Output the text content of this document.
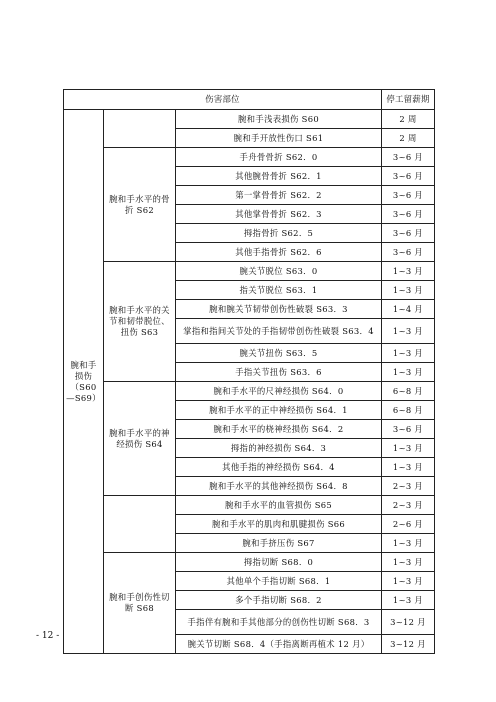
伤害部位			停工留薪期

腕和手
损伤
（S60
—S69）		腕和手浅表损伤 S60	2 周
		腕和手开放性伤口 S61	2 周
	腕和手水平的骨折 S62	手舟骨骨折 S62．0	3~6 月
		其他腕骨骨折 S62．1	3~6 月
		第一掌骨骨折 S62．2	3~6 月
		其他掌骨骨折 S62．3	3~6 月
		拇指骨折 S62．5	3~6 月
		其他手指骨折 S62．6	3~6 月
	腕和手水平的关节和韧带脱位、扭伤 S63	腕关节脱位 S63．0	1~3 月
		指关节脱位 S63．1	1~3 月
		腕和腕关节韧带创伤性破裂 S63．3	1~4 月
		掌指和指间关节处的手指韧带创伤性破裂 S63．4	1~3 月
		腕关节扭伤 S63．5	1~3 月
		手指关节扭伤 S63．6	1~3 月
	腕和手水平的神经损伤 S64	腕和手水平的尺神经损伤 S64．0	6~8 月
		腕和手水平的正中神经损伤 S64．1	6~8 月
		腕和手水平的桡神经损伤 S64．2	3~6 月
		拇指的神经损伤 S64．3	1~3 月
		其他手指的神经损伤 S64．4	1~3 月
		腕和手水平的其他神经损伤 S64．8	2~3 月
		腕和手水平的血管损伤 S65	2~3 月
		腕和手水平的肌肉和肌腱损伤 S66	2~6 月
		腕和手挤压伤 S67	1~3 月
	腕和手创伤性切断 S68	拇指切断 S68．0	1~3 月
		其他单个手指切断 S68．1	1~3 月
		多个手指切断 S68．2	1~3 月
		手指伴有腕和手其他部分的创伤性切断 S68．3	3~12 月
		腕关节切断 S68．4（手指离断再植术 12 月）	3~12 月
- 12 -
